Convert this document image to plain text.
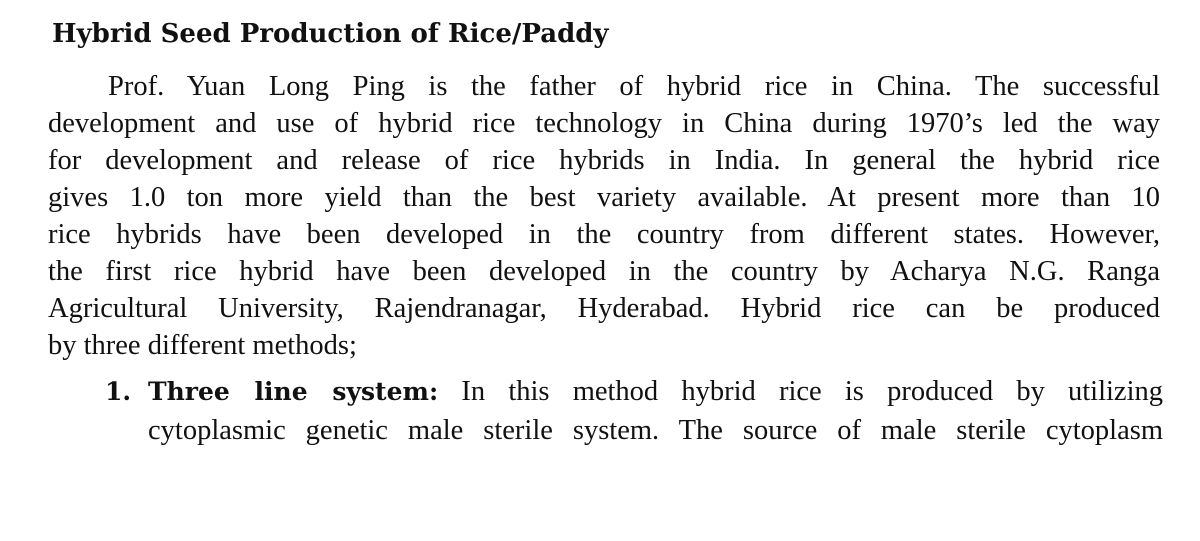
Hybrid Seed Production of Rice/Paddy
Prof. Yuan Long Ping is the father of hybrid rice in China. The successful
development and use of hybrid rice technology in China during 1970’s led the way
for development and release of rice hybrids in India. In general the hybrid rice
gives 1.0 ton more yield than the best variety available. At present more than 10
rice hybrids have been developed in the country from different states. However,
the first rice hybrid have been developed in the country by Acharya N.G. Ranga
Agricultural University, Rajendranagar, Hyderabad. Hybrid rice can be produced
by three different methods;
1. Three line system: In this method hybrid rice is produced by utilizing
cytoplasmic genetic male sterile system. The source of male sterile cytoplasm
